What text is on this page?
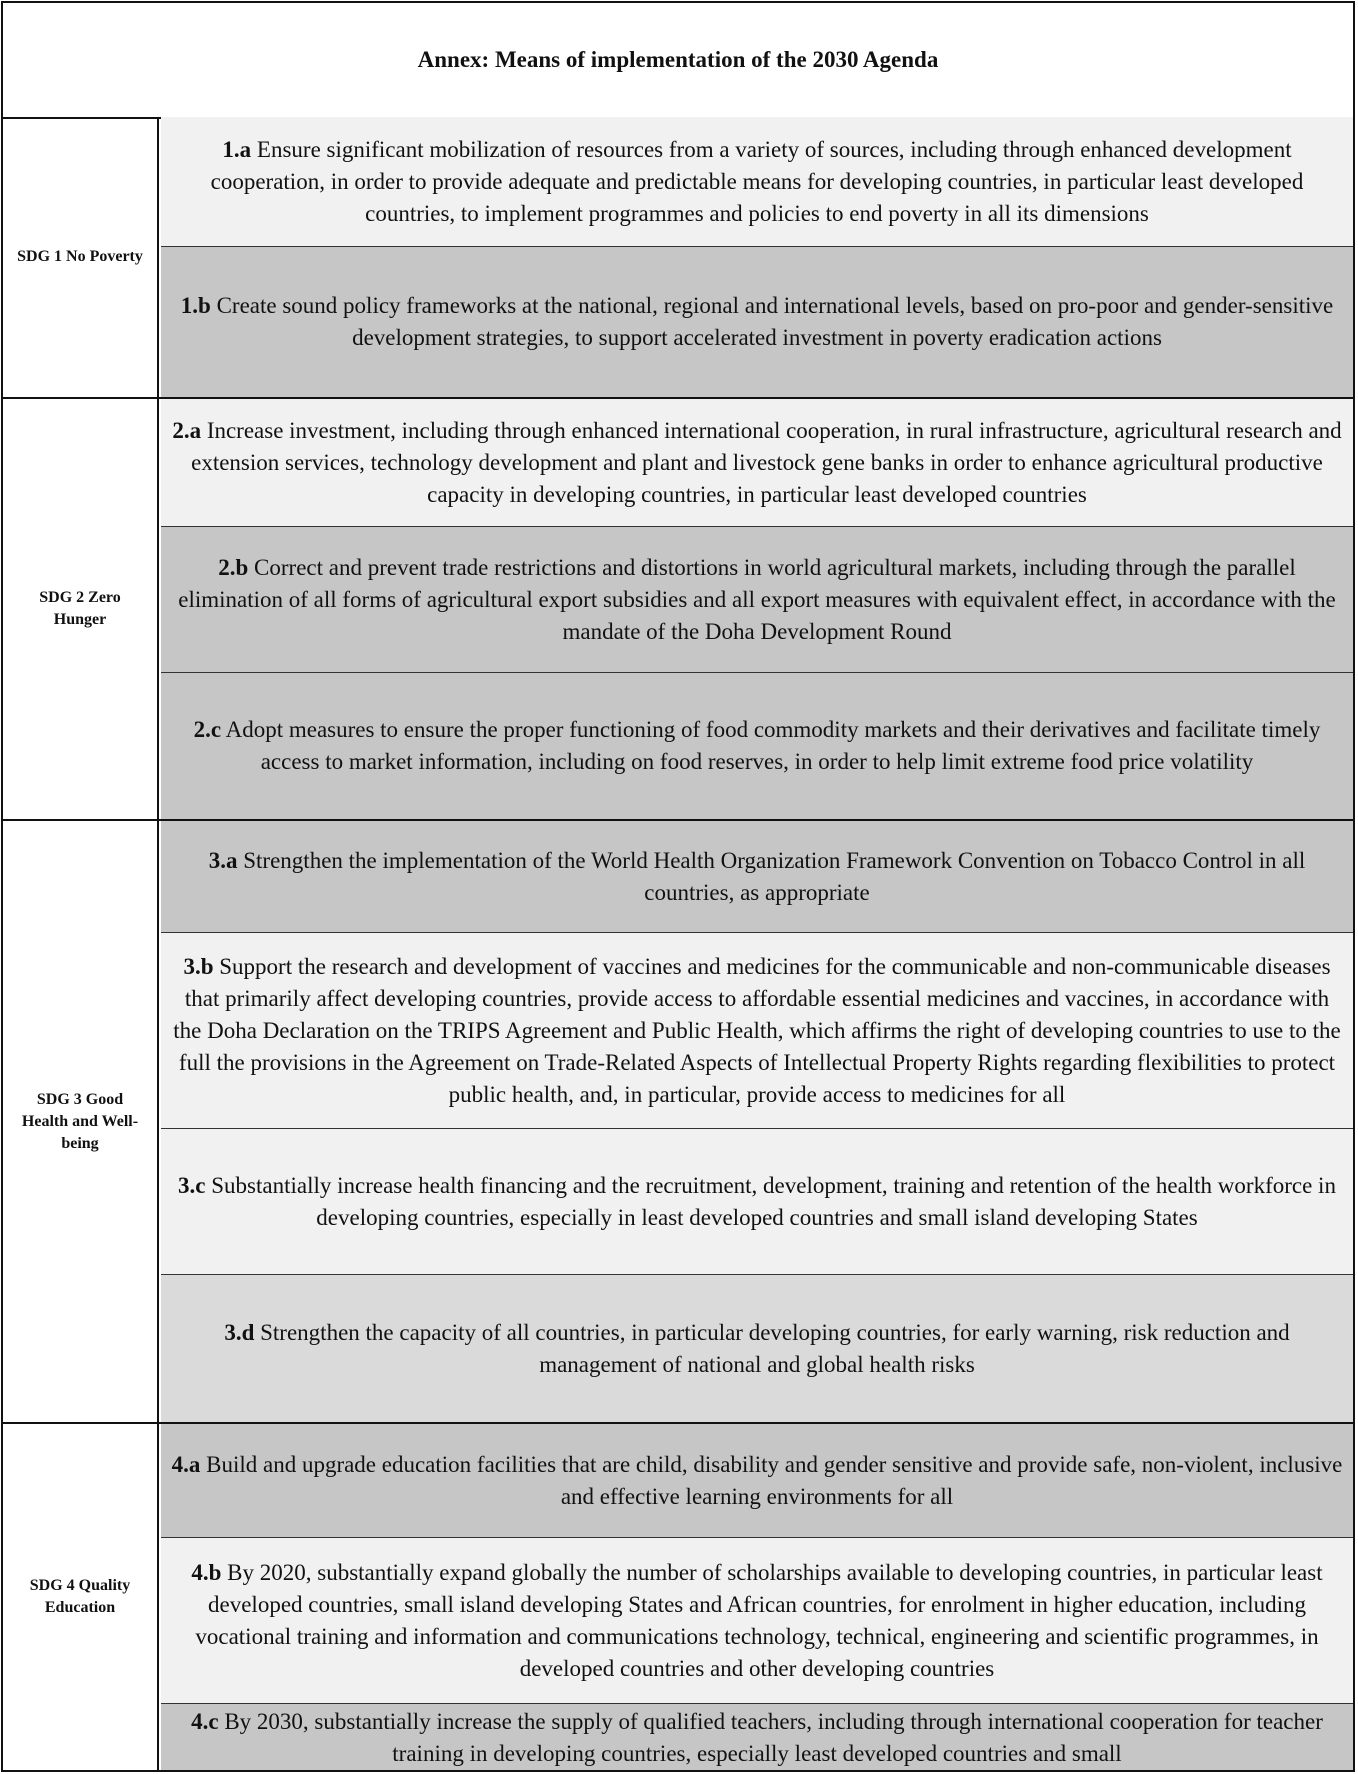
Annex: Means of implementation of the 2030 Agenda
SDG 1 No Poverty
1.a Ensure significant mobilization of resources from a variety of sources, including through enhanced development cooperation, in order to provide adequate and predictable means for developing countries, in particular least developed countries, to implement programmes and policies to end poverty in all its dimensions
1.b Create sound policy frameworks at the national, regional and international levels, based on pro-poor and gender-sensitive development strategies, to support accelerated investment in poverty eradication actions
SDG 2 Zero Hunger
2.a Increase investment, including through enhanced international cooperation, in rural infrastructure, agricultural research and extension services, technology development and plant and livestock gene banks in order to enhance agricultural productive capacity in developing countries, in particular least developed countries
2.b Correct and prevent trade restrictions and distortions in world agricultural markets, including through the parallel elimination of all forms of agricultural export subsidies and all export measures with equivalent effect, in accordance with the mandate of the Doha Development Round
2.c Adopt measures to ensure the proper functioning of food commodity markets and their derivatives and facilitate timely access to market information, including on food reserves, in order to help limit extreme food price volatility
SDG 3 Good Health and Well-being
3.a Strengthen the implementation of the World Health Organization Framework Convention on Tobacco Control in all countries, as appropriate
3.b Support the research and development of vaccines and medicines for the communicable and non-communicable diseases that primarily affect developing countries, provide access to affordable essential medicines and vaccines, in accordance with the Doha Declaration on the TRIPS Agreement and Public Health, which affirms the right of developing countries to use to the full the provisions in the Agreement on Trade-Related Aspects of Intellectual Property Rights regarding flexibilities to protect public health, and, in particular, provide access to medicines for all
3.c Substantially increase health financing and the recruitment, development, training and retention of the health workforce in developing countries, especially in least developed countries and small island developing States
3.d Strengthen the capacity of all countries, in particular developing countries, for early warning, risk reduction and management of national and global health risks
SDG 4 Quality Education
4.a Build and upgrade education facilities that are child, disability and gender sensitive and provide safe, non-violent, inclusive and effective learning environments for all
4.b By 2020, substantially expand globally the number of scholarships available to developing countries, in particular least developed countries, small island developing States and African countries, for enrolment in higher education, including vocational training and information and communications technology, technical, engineering and scientific programmes, in developed countries and other developing countries
4.c By 2030, substantially increase the supply of qualified teachers, including through international cooperation for teacher training in developing countries, especially least developed countries and small
